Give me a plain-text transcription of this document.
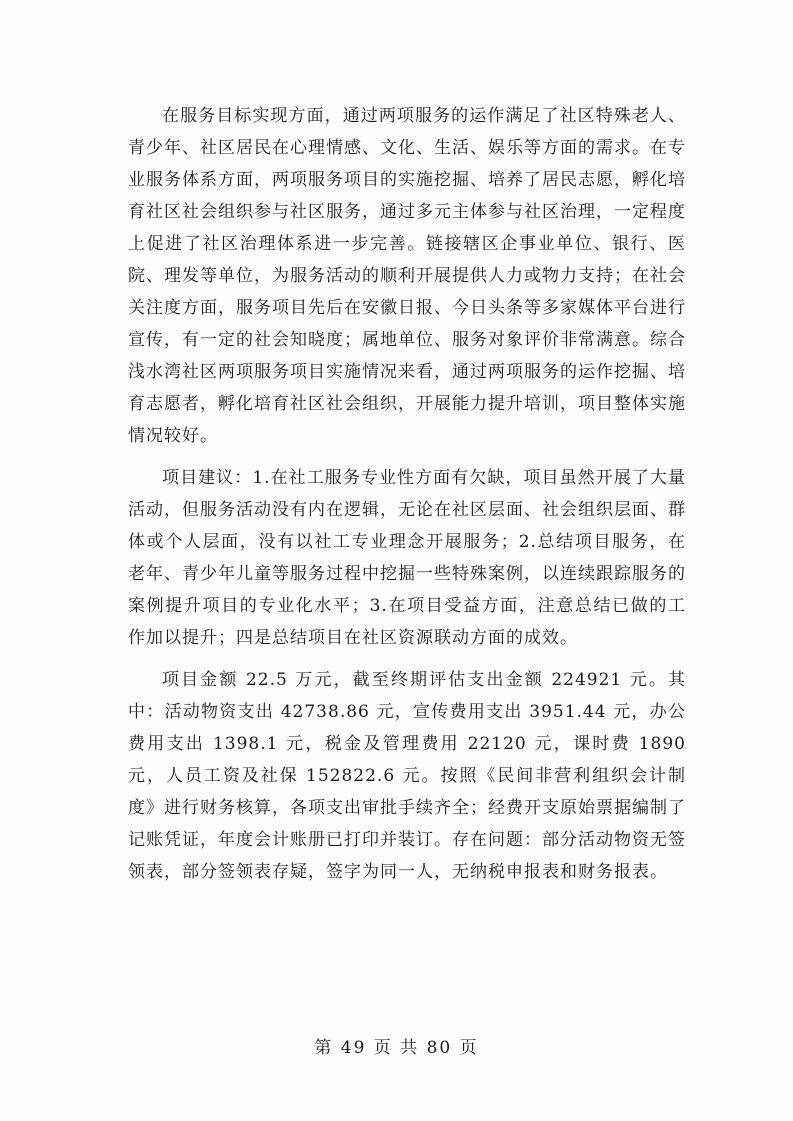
在服务目标实现方面，通过两项服务的运作满足了社区特殊老人、青少年、社区居民在心理情感、文化、生活、娱乐等方面的需求。在专业服务体系方面，两项服务项目的实施挖掘、培养了居民志愿，孵化培育社区社会组织参与社区服务，通过多元主体参与社区治理，一定程度上促进了社区治理体系进一步完善。链接辖区企事业单位、银行、医院、理发等单位，为服务活动的顺利开展提供人力或物力支持；在社会关注度方面，服务项目先后在安徽日报、今日头条等多家媒体平台进行宣传，有一定的社会知晓度；属地单位、服务对象评价非常满意。综合浅水湾社区两项服务项目实施情况来看，通过两项服务的运作挖掘、培育志愿者，孵化培育社区社会组织，开展能力提升培训，项目整体实施情况较好。

项目建议：1.在社工服务专业性方面有欠缺，项目虽然开展了大量活动，但服务活动没有内在逻辑，无论在社区层面、社会组织层面、群体或个人层面，没有以社工专业理念开展服务；2.总结项目服务，在老年、青少年儿童等服务过程中挖掘一些特殊案例，以连续跟踪服务的案例提升项目的专业化水平；3.在项目受益方面，注意总结已做的工作加以提升；四是总结项目在社区资源联动方面的成效。

项目金额 22.5 万元，截至终期评估支出金额 224921 元。其中：活动物资支出 42738.86 元，宣传费用支出 3951.44 元，办公费用支出 1398.1 元，税金及管理费用 22120 元，课时费 1890 元，人员工资及社保 152822.6 元。按照《民间非营利组织会计制度》进行财务核算，各项支出审批手续齐全；经费开支原始票据编制了记账凭证，年度会计账册已打印并装订。存在问题：部分活动物资无签领表，部分签领表存疑，签字为同一人，无纳税申报表和财务报表。

第 49 页 共 80 页
